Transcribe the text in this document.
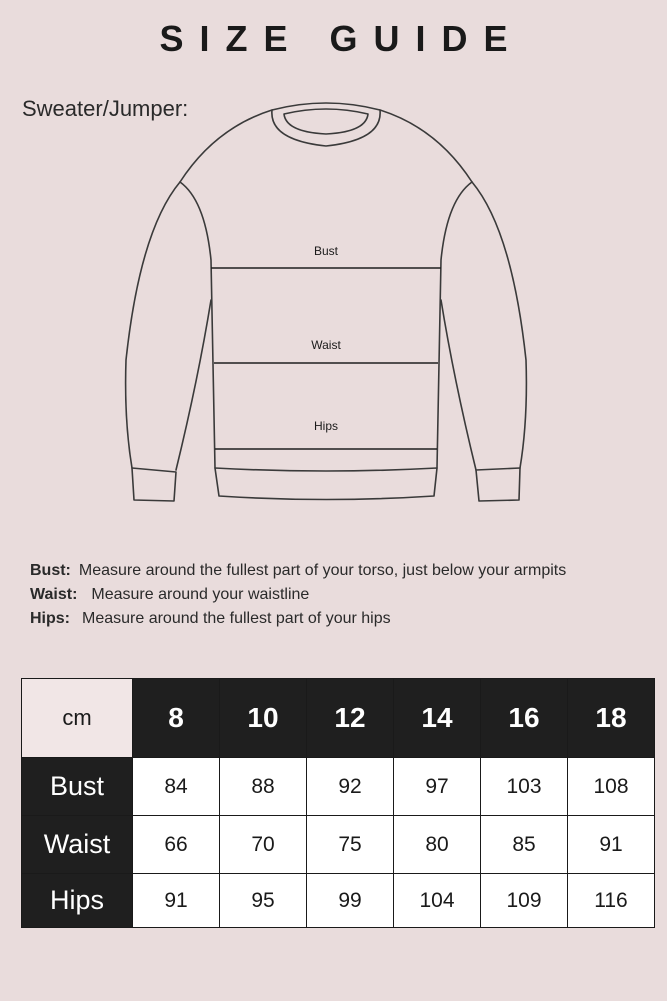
SIZE GUIDE
Sweater/Jumper:
Bust
Waist
Hips
Bust: Measure around the fullest part of your torso, just below your armpits
Waist: Measure around your waistline
Hips: Measure around the fullest part of your hips
cm	8	10	12	14	16	18
Bust	84	88	92	97	103	108
Waist	66	70	75	80	85	91
Hips	91	95	99	104	109	116
